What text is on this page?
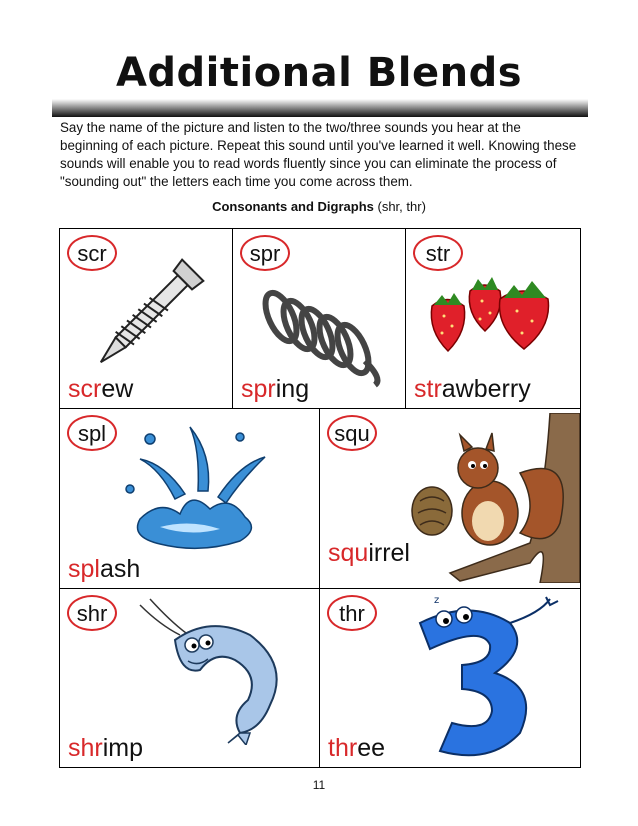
Additional Blends
Say the name of the picture and listen to the two/three sounds you hear at the beginning of each picture. Repeat this sound until you've learned it well. Knowing these sounds will enable you to read words fluently since you can eliminate the process of "sounding out" the letters each time you come across them.
Consonants and Digraphs (shr, thr)
scr
screw
spr
spring
str
strawberry
spl
splash
squ
squirrel
shr
shrimp
z
thr
three
11
